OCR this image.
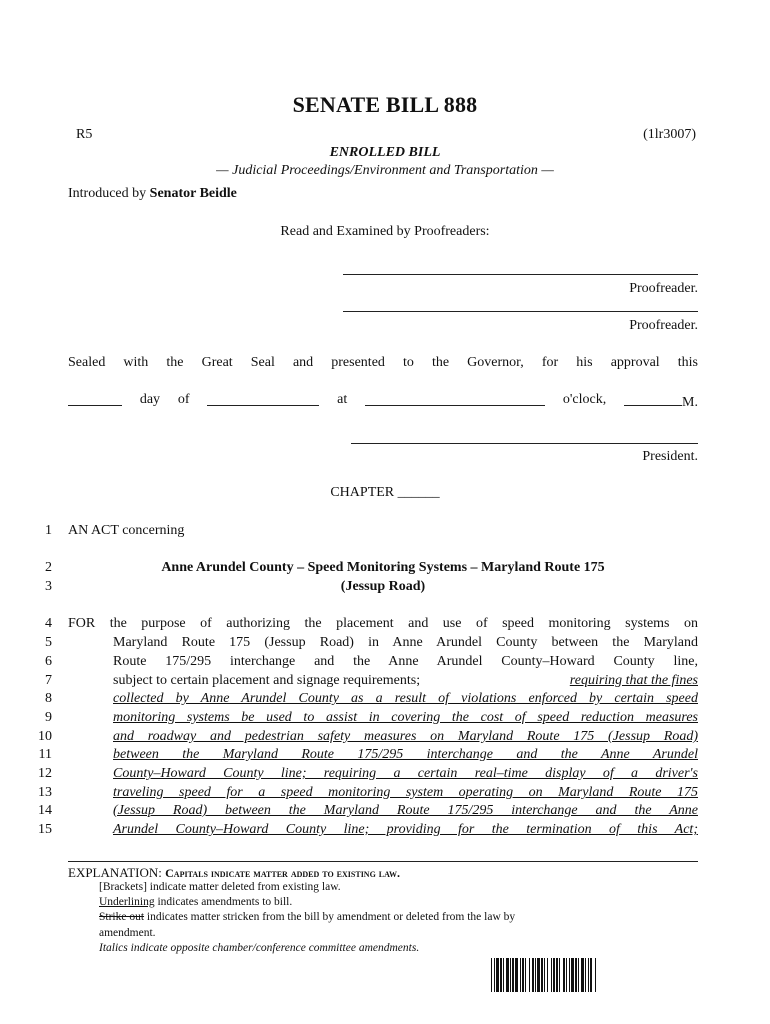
SENATE BILL 888
R5	(1lr3007)
ENROLLED BILL
— Judicial Proceedings/Environment and Transportation —
Introduced by Senator Beidle
Read and Examined by Proofreaders:
Proofreader.
Proofreader.
Sealed with the Great Seal and presented to the Governor, for his approval this
day of	at	o'clock,	M.
President.
CHAPTER ______
1
2
3
4
5
6
7
8
9
10
11
12
13
14
15
AN ACT concerning
Anne Arundel County – Speed Monitoring Systems – Maryland Route 175
(Jessup Road)
FOR the purpose of authorizing the placement and use of speed monitoring systems on
Maryland Route 175 (Jessup Road) in Anne Arundel County between the Maryland
Route 175/295 interchange and the Anne Arundel County–Howard County line,
subject to certain placement and signage requirements;	requiring that the fines
collected by Anne Arundel County as a result of violations enforced by certain speed
monitoring systems be used to assist in covering the cost of speed reduction measures
and roadway and pedestrian safety measures on Maryland Route 175 (Jessup Road)
between the Maryland Route 175/295 interchange and the Anne Arundel
County–Howard County line; requiring a certain real–time display of a driver's
traveling speed for a speed monitoring system operating on Maryland Route 175
(Jessup Road) between the Maryland Route 175/295 interchange and the Anne
Arundel County–Howard County line; providing for the termination of this Act;
EXPLANATION: Capitals indicate matter added to existing law.
[Brackets] indicate matter deleted from existing law.
Underlining indicates amendments to bill.
Strike out indicates matter stricken from the bill by amendment or deleted from the law by
amendment.
Italics indicate opposite chamber/conference committee amendments.
